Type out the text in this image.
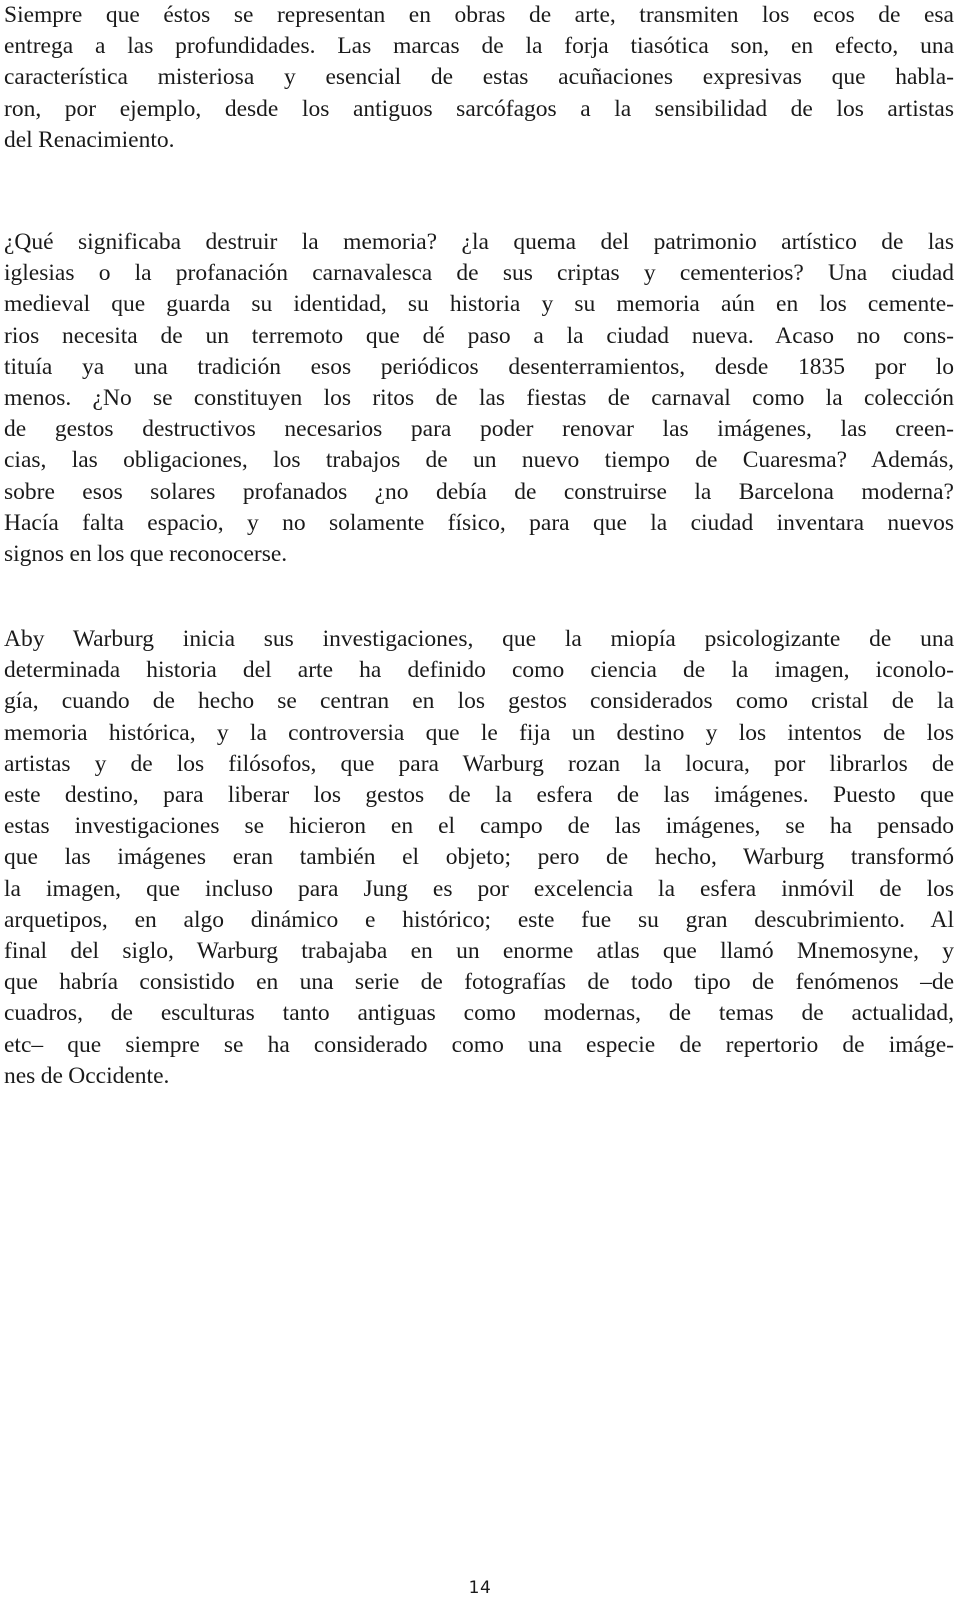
Siempre que éstos se representan en obras de arte, transmiten los ecos de esa
entrega a las profundidades. Las marcas de la forja tiasótica son, en efecto, una
característica misteriosa y esencial de estas acuñaciones expresivas que habla-
ron, por ejemplo, desde los antiguos sarcófagos a la sensibilidad de los artistas
del Renacimiento.
¿Qué significaba destruir la memoria? ¿la quema del patrimonio artístico de las
iglesias o la profanación carnavalesca de sus criptas y cementerios? Una ciudad
medieval que guarda su identidad, su historia y su memoria aún en los cemente-
rios necesita de un terremoto que dé paso a la ciudad nueva. Acaso no cons-
tituía ya una tradición esos periódicos desenterramientos, desde 1835 por lo
menos. ¿No se constituyen los ritos de las fiestas de carnaval como la colección
de gestos destructivos necesarios para poder renovar las imágenes, las creen-
cias, las obligaciones, los trabajos de un nuevo tiempo de Cuaresma? Además,
sobre esos solares profanados ¿no debía de construirse la Barcelona moderna?
Hacía falta espacio, y no solamente físico, para que la ciudad inventara nuevos
signos en los que reconocerse.
Aby Warburg inicia sus investigaciones, que la miopía psicologizante de una
determinada historia del arte ha definido como ciencia de la imagen, iconolo-
gía, cuando de hecho se centran en los gestos considerados como cristal de la
memoria histórica, y la controversia que le fija un destino y los intentos de los
artistas y de los filósofos, que para Warburg rozan la locura, por librarlos de
este destino, para liberar los gestos de la esfera de las imágenes. Puesto que
estas investigaciones se hicieron en el campo de las imágenes, se ha pensado
que las imágenes eran también el objeto; pero de hecho, Warburg transformó
la imagen, que incluso para Jung es por excelencia la esfera inmóvil de los
arquetipos, en algo dinámico e histórico; este fue su gran descubrimiento. Al
final del siglo, Warburg trabajaba en un enorme atlas que llamó Mnemosyne, y
que habría consistido en una serie de fotografías de todo tipo de fenómenos –de
cuadros, de esculturas tanto antiguas como modernas, de temas de actualidad,
etc– que siempre se ha considerado como una especie de repertorio de imáge-
nes de Occidente.
14
